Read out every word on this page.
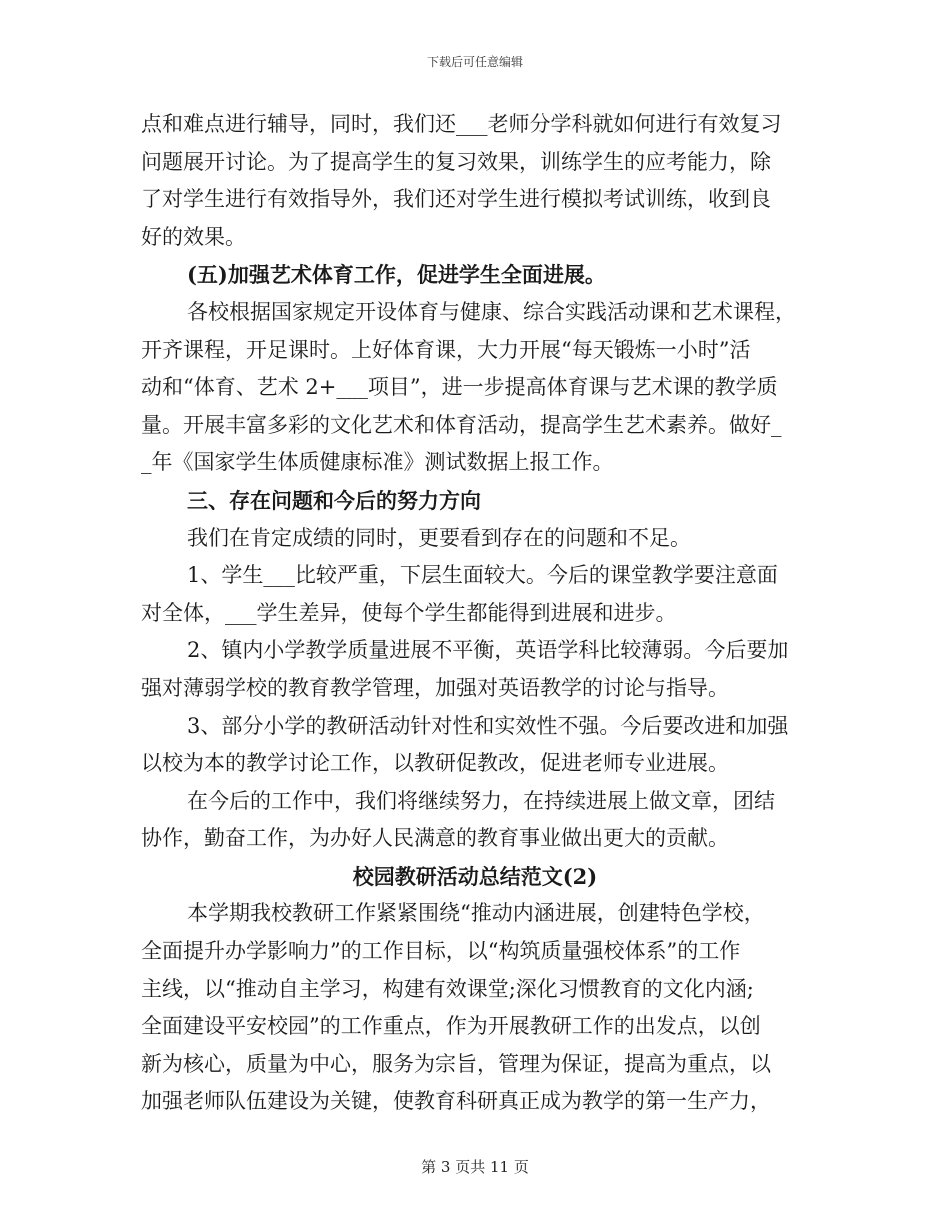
下载后可任意编辑
点和难点进行辅导，同时，我们还___老师分学科就如何进行有效复习
问题展开讨论。为了提高学生的复习效果，训练学生的应考能力，除
了对学生进行有效指导外，我们还对学生进行模拟考试训练，收到良
好的效果。
(五)加强艺术体育工作，促进学生全面进展。
各校根据国家规定开设体育与健康、综合实践活动课和艺术课程，
开齐课程，开足课时。上好体育课，大力开展“每天锻炼一小时”活
动和“体育、艺术 2+___项目”，进一步提高体育课与艺术课的教学质
量。开展丰富多彩的文化艺术和体育活动，提高学生艺术素养。做好_
_年《国家学生体质健康标准》测试数据上报工作。
三、存在问题和今后的努力方向
我们在肯定成绩的同时，更要看到存在的问题和不足。
1、学生___比较严重，下层生面较大。今后的课堂教学要注意面
对全体，___学生差异，使每个学生都能得到进展和进步。
2、镇内小学教学质量进展不平衡，英语学科比较薄弱。今后要加
强对薄弱学校的教育教学管理，加强对英语教学的讨论与指导。
3、部分小学的教研活动针对性和实效性不强。今后要改进和加强
以校为本的教学讨论工作，以教研促教改，促进老师专业进展。
在今后的工作中，我们将继续努力，在持续进展上做文章，团结
协作，勤奋工作，为办好人民满意的教育事业做出更大的贡献。
校园教研活动总结范文(2)
本学期我校教研工作紧紧围绕“推动内涵进展，创建特色学校，
全面提升办学影响力”的工作目标，以“构筑质量强校体系”的工作
主线，以“推动自主学习，构建有效课堂;深化习惯教育的文化内涵;
全面建设平安校园”的工作重点，作为开展教研工作的出发点，以创
新为核心，质量为中心，服务为宗旨，管理为保证，提高为重点，以
加强老师队伍建设为关键，使教育科研真正成为教学的第一生产力，
第 3 页共 11 页
